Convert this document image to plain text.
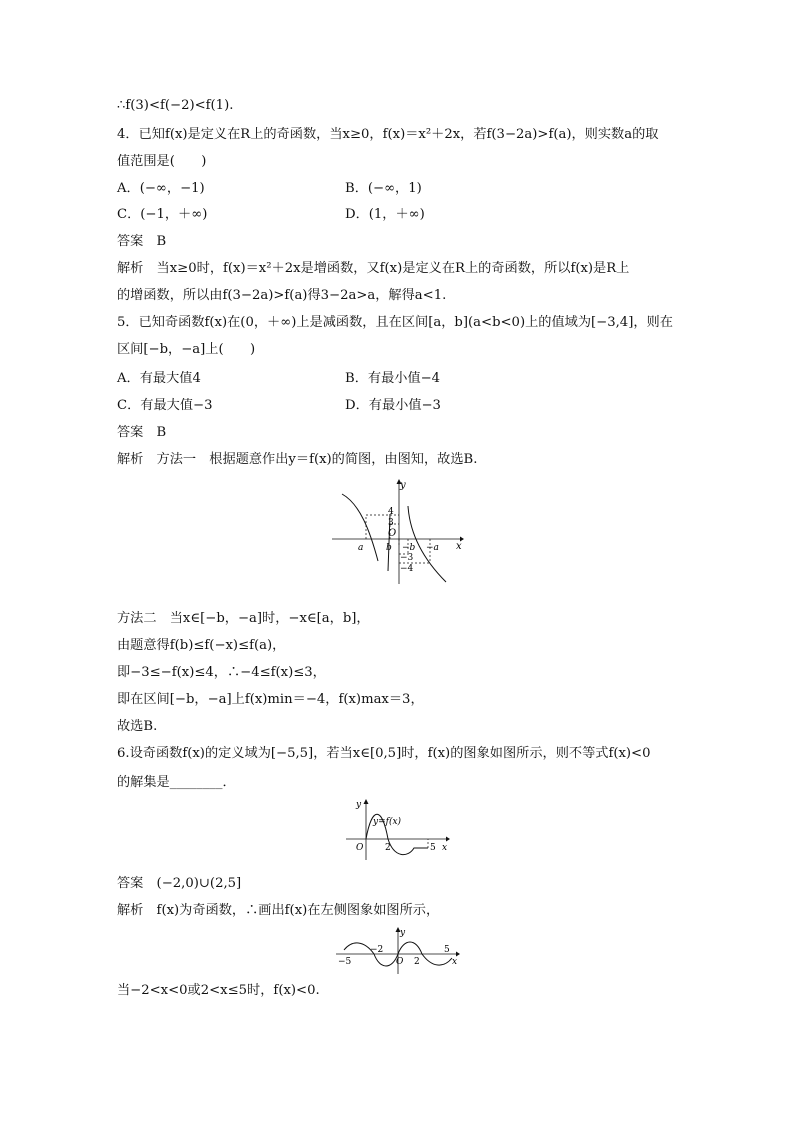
∴f(3)<f(−2)<f(1).
4．已知f(x)是定义在R上的奇函数，当x≥0，f(x)＝x²＋2x，若f(3−2a)>f(a)，则实数a的取
值范围是(　　)
A．(−∞，−1)	B．(−∞，1)
C．(−1，＋∞)	D．(1，＋∞)
答案　B
解析　当x≥0时，f(x)＝x²＋2x是增函数，又f(x)是定义在R上的奇函数，所以f(x)是R上
的增函数，所以由f(3−2a)>f(a)得3−2a>a，解得a<1.
5．已知奇函数f(x)在(0，＋∞)上是减函数，且在区间[a，b](a<b<0)上的值域为[−3,4]，则在
区间[−b，−a]上(　　)
A．有最大值4	B．有最小值−4
C．有最大值−3	D．有最小值−3
答案　B
解析　方法一　根据题意作出y＝f(x)的简图，由图知，故选B.
y
x
O
4
3
a	b −b −a
−3
−4
方法二　当x∈[−b，−a]时，−x∈[a，b]，
由题意得f(b)≤f(−x)≤f(a)，
即−3≤−f(x)≤4，∴−4≤f(x)≤3，
即在区间[−b，−a]上f(x)min＝−4，f(x)max＝3，
故选B.
6.设奇函数f(x)的定义域为[−5,5]，若当x∈[0,5]时，f(x)的图象如图所示，则不等式f(x)<0
的解集是________．
y
x
O
y=f(x)
2	5
答案　(−2,0)∪(2,5]
解析　f(x)为奇函数，∴画出f(x)在左侧图象如图所示，
y
x
O
−5
−2
2
5
当−2<x<0或2<x≤5时，f(x)<0.
